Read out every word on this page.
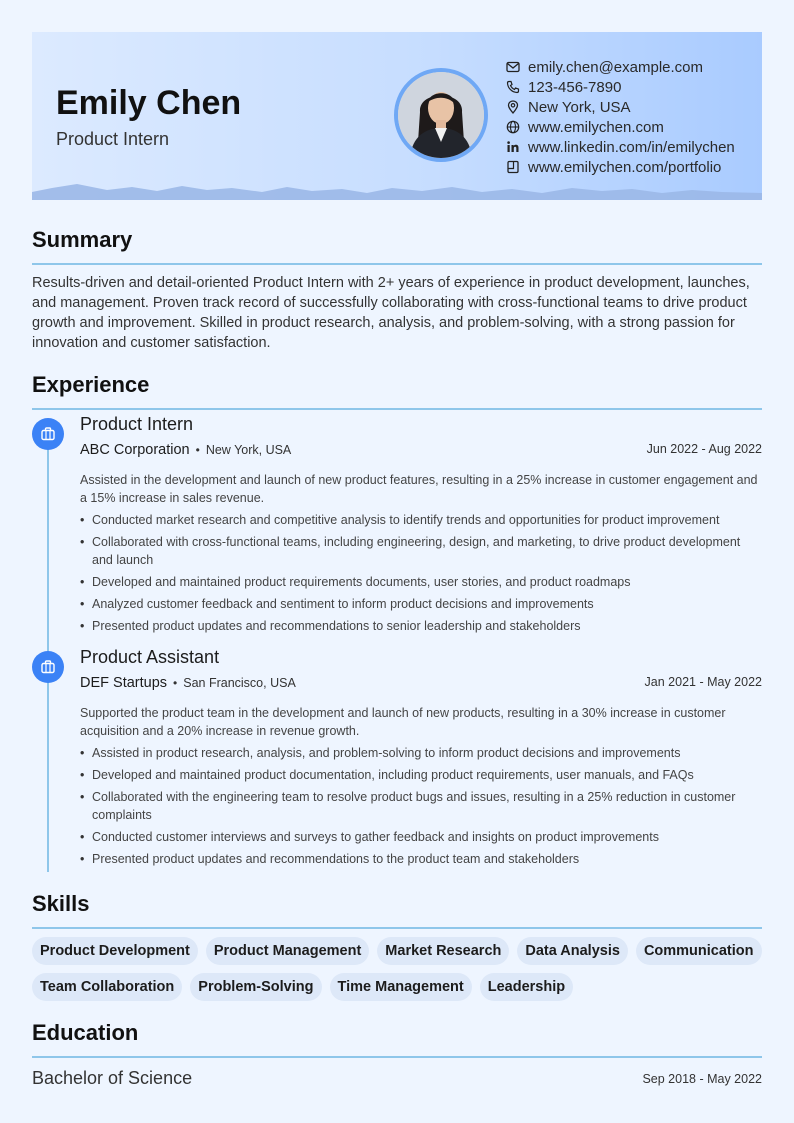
Emily Chen
Product Intern
emily.chen@example.com
123-456-7890
New York, USA
www.emilychen.com
www.linkedin.com/in/emilychen
www.emilychen.com/portfolio
Summary
Results-driven and detail-oriented Product Intern with 2+ years of experience in product development, launches, and management. Proven track record of successfully collaborating with cross-functional teams to drive product growth and improvement. Skilled in product research, analysis, and problem-solving, with a strong passion for innovation and customer satisfaction.
Experience
Product Intern
ABC Corporation • New York, USA	Jun 2022 - Aug 2022
Assisted in the development and launch of new product features, resulting in a 25% increase in customer engagement and a 15% increase in sales revenue.
• Conducted market research and competitive analysis to identify trends and opportunities for product improvement
• Collaborated with cross-functional teams, including engineering, design, and marketing, to drive product development and launch
• Developed and maintained product requirements documents, user stories, and product roadmaps
• Analyzed customer feedback and sentiment to inform product decisions and improvements
• Presented product updates and recommendations to senior leadership and stakeholders
Product Assistant
DEF Startups • San Francisco, USA	Jan 2021 - May 2022
Supported the product team in the development and launch of new products, resulting in a 30% increase in customer acquisition and a 20% increase in revenue growth.
• Assisted in product research, analysis, and problem-solving to inform product decisions and improvements
• Developed and maintained product documentation, including product requirements, user manuals, and FAQs
• Collaborated with the engineering team to resolve product bugs and issues, resulting in a 25% reduction in customer complaints
• Conducted customer interviews and surveys to gather feedback and insights on product improvements
• Presented product updates and recommendations to the product team and stakeholders
Skills
Product Development	Product Management	Market Research	Data Analysis	Communication
Team Collaboration	Problem-Solving	Time Management	Leadership
Education
Bachelor of Science	Sep 2018 - May 2022
